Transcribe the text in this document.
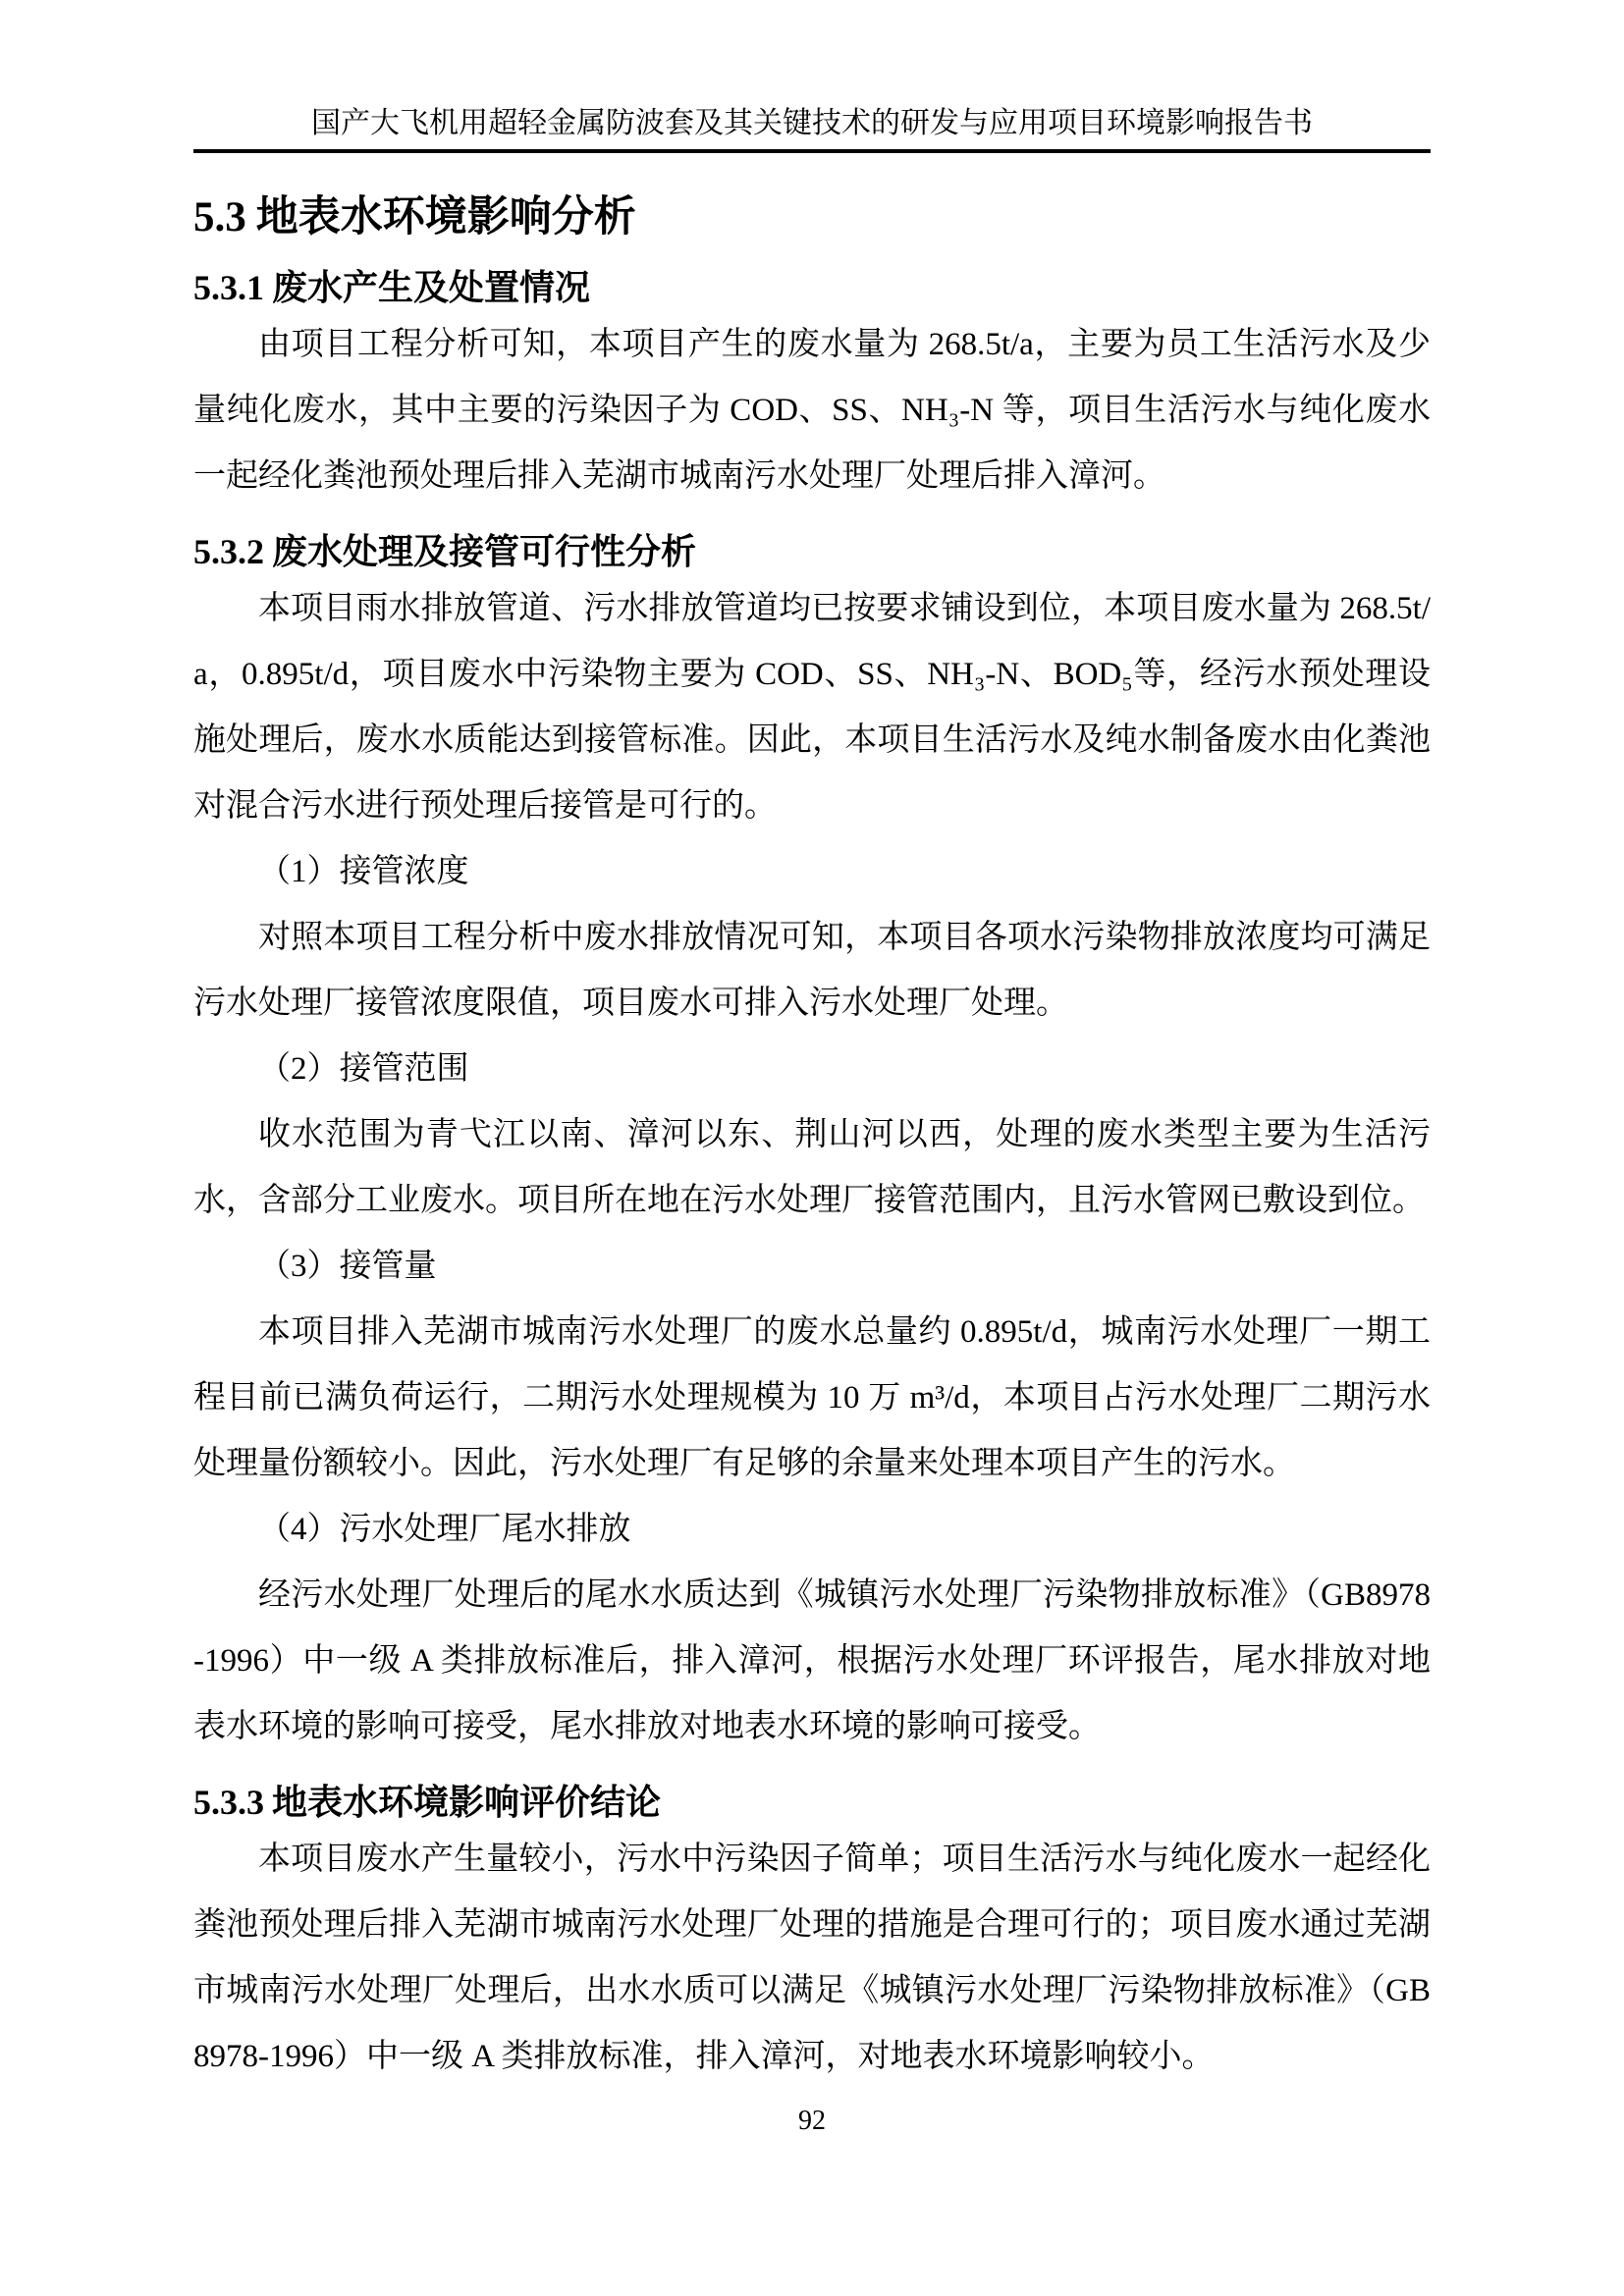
国产大飞机用超轻金属防波套及其关键技术的研发与应用项目环境影响报告书
5.3 地表水环境影响分析
5.3.1 废水产生及处置情况

由项目工程分析可知，本项目产生的废水量为 268.5t/a，主要为员工生活污水及少量纯化废水，其中主要的污染因子为 COD、SS、NH₃-N 等，项目生活污水与纯化废水一起经化粪池预处理后排入芜湖市城南污水处理厂处理后排入漳河。

5.3.2 废水处理及接管可行性分析

本项目雨水排放管道、污水排放管道均已按要求铺设到位，本项目废水量为 268.5t/a，0.895t/d，项目废水中污染物主要为 COD、SS、NH₃-N、BOD₅等，经污水预处理设施处理后，废水水质能达到接管标准。因此，本项目生活污水及纯水制备废水由化粪池对混合污水进行预处理后接管是可行的。

（1）接管浓度

对照本项目工程分析中废水排放情况可知，本项目各项水污染物排放浓度均可满足污水处理厂接管浓度限值，项目废水可排入污水处理厂处理。

（2）接管范围

收水范围为青弋江以南、漳河以东、荆山河以西，处理的废水类型主要为生活污水，含部分工业废水。项目所在地在污水处理厂接管范围内，且污水管网已敷设到位。

（3）接管量

本项目排入芜湖市城南污水处理厂的废水总量约 0.895t/d，城南污水处理厂一期工程目前已满负荷运行，二期污水处理规模为 10 万 m³/d，本项目占污水处理厂二期污水处理量份额较小。因此，污水处理厂有足够的余量来处理本项目产生的污水。

（4）污水处理厂尾水排放

经污水处理厂处理后的尾水水质达到《城镇污水处理厂污染物排放标准》（GB8978-1996）中一级 A 类排放标准后，排入漳河，根据污水处理厂环评报告，尾水排放对地表水环境的影响可接受，尾水排放对地表水环境的影响可接受。

5.3.3 地表水环境影响评价结论

本项目废水产生量较小，污水中污染因子简单；项目生活污水与纯化废水一起经化粪池预处理后排入芜湖市城南污水处理厂处理的措施是合理可行的；项目废水通过芜湖市城南污水处理厂处理后，出水水质可以满足《城镇污水处理厂污染物排放标准》（GB8978-1996）中一级 A 类排放标准，排入漳河，对地表水环境影响较小。

92
